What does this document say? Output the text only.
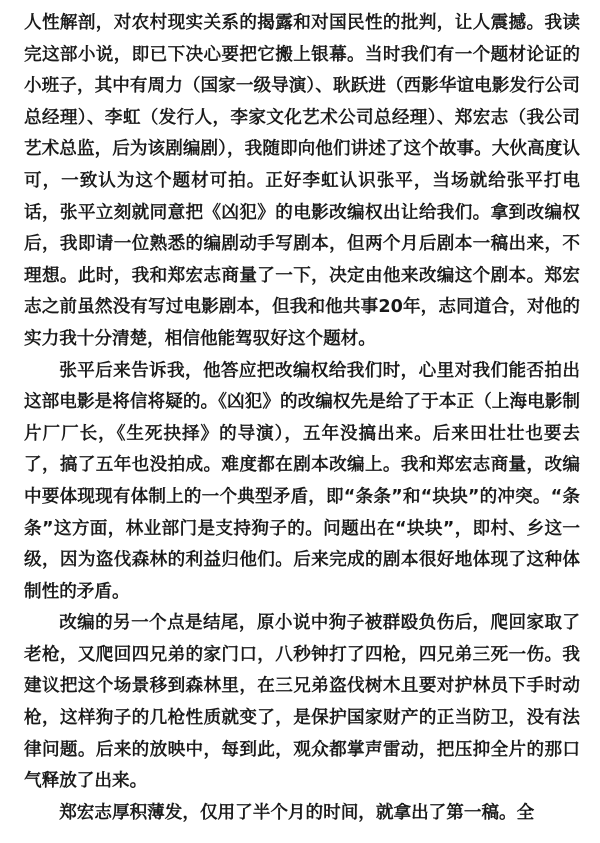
人性解剖，对农村现实关系的揭露和对国民性的批判，让人震撼。我读完这部小说，即已下决心要把它搬上银幕。当时我们有一个题材论证的小班子，其中有周力（国家一级导演）、耿跃进（西影华谊电影发行公司总经理）、李虹（发行人，李家文化艺术公司总经理）、郑宏志（我公司艺术总监，后为该剧编剧），我随即向他们讲述了这个故事。大伙高度认可，一致认为这个题材可拍。正好李虹认识张平，当场就给张平打电话，张平立刻就同意把《凶犯》的电影改编权出让给我们。拿到改编权后，我即请一位熟悉的编剧动手写剧本，但两个月后剧本一稿出来，不理想。此时，我和郑宏志商量了一下，决定由他来改编这个剧本。郑宏志之前虽然没有写过电影剧本，但我和他共事20年，志同道合，对他的实力我十分清楚，相信他能驾驭好这个题材。

张平后来告诉我，他答应把改编权给我们时，心里对我们能否拍出这部电影是将信将疑的。《凶犯》的改编权先是给了于本正（上海电影制片厂厂长，《生死抉择》的导演），五年没搞出来。后来田壮壮也要去了，搞了五年也没拍成。难度都在剧本改编上。我和郑宏志商量，改编中要体现现有体制上的一个典型矛盾，即“条条”和“块块”的冲突。“条条”这方面，林业部门是支持狗子的。问题出在“块块”，即村、乡这一级，因为盗伐森林的利益归他们。后来完成的剧本很好地体现了这种体制性的矛盾。

改编的另一个点是结尾，原小说中狗子被群殴负伤后，爬回家取了老枪，又爬回四兄弟的家门口，八秒钟打了四枪，四兄弟三死一伤。我建议把这个场景移到森林里，在三兄弟盗伐树木且要对护林员下手时动枪，这样狗子的几枪性质就变了，是保护国家财产的正当防卫，没有法律问题。后来的放映中，每到此，观众都掌声雷动，把压抑全片的那口气释放了出来。

郑宏志厚积薄发，仅用了半个月的时间，就拿出了第一稿。全
